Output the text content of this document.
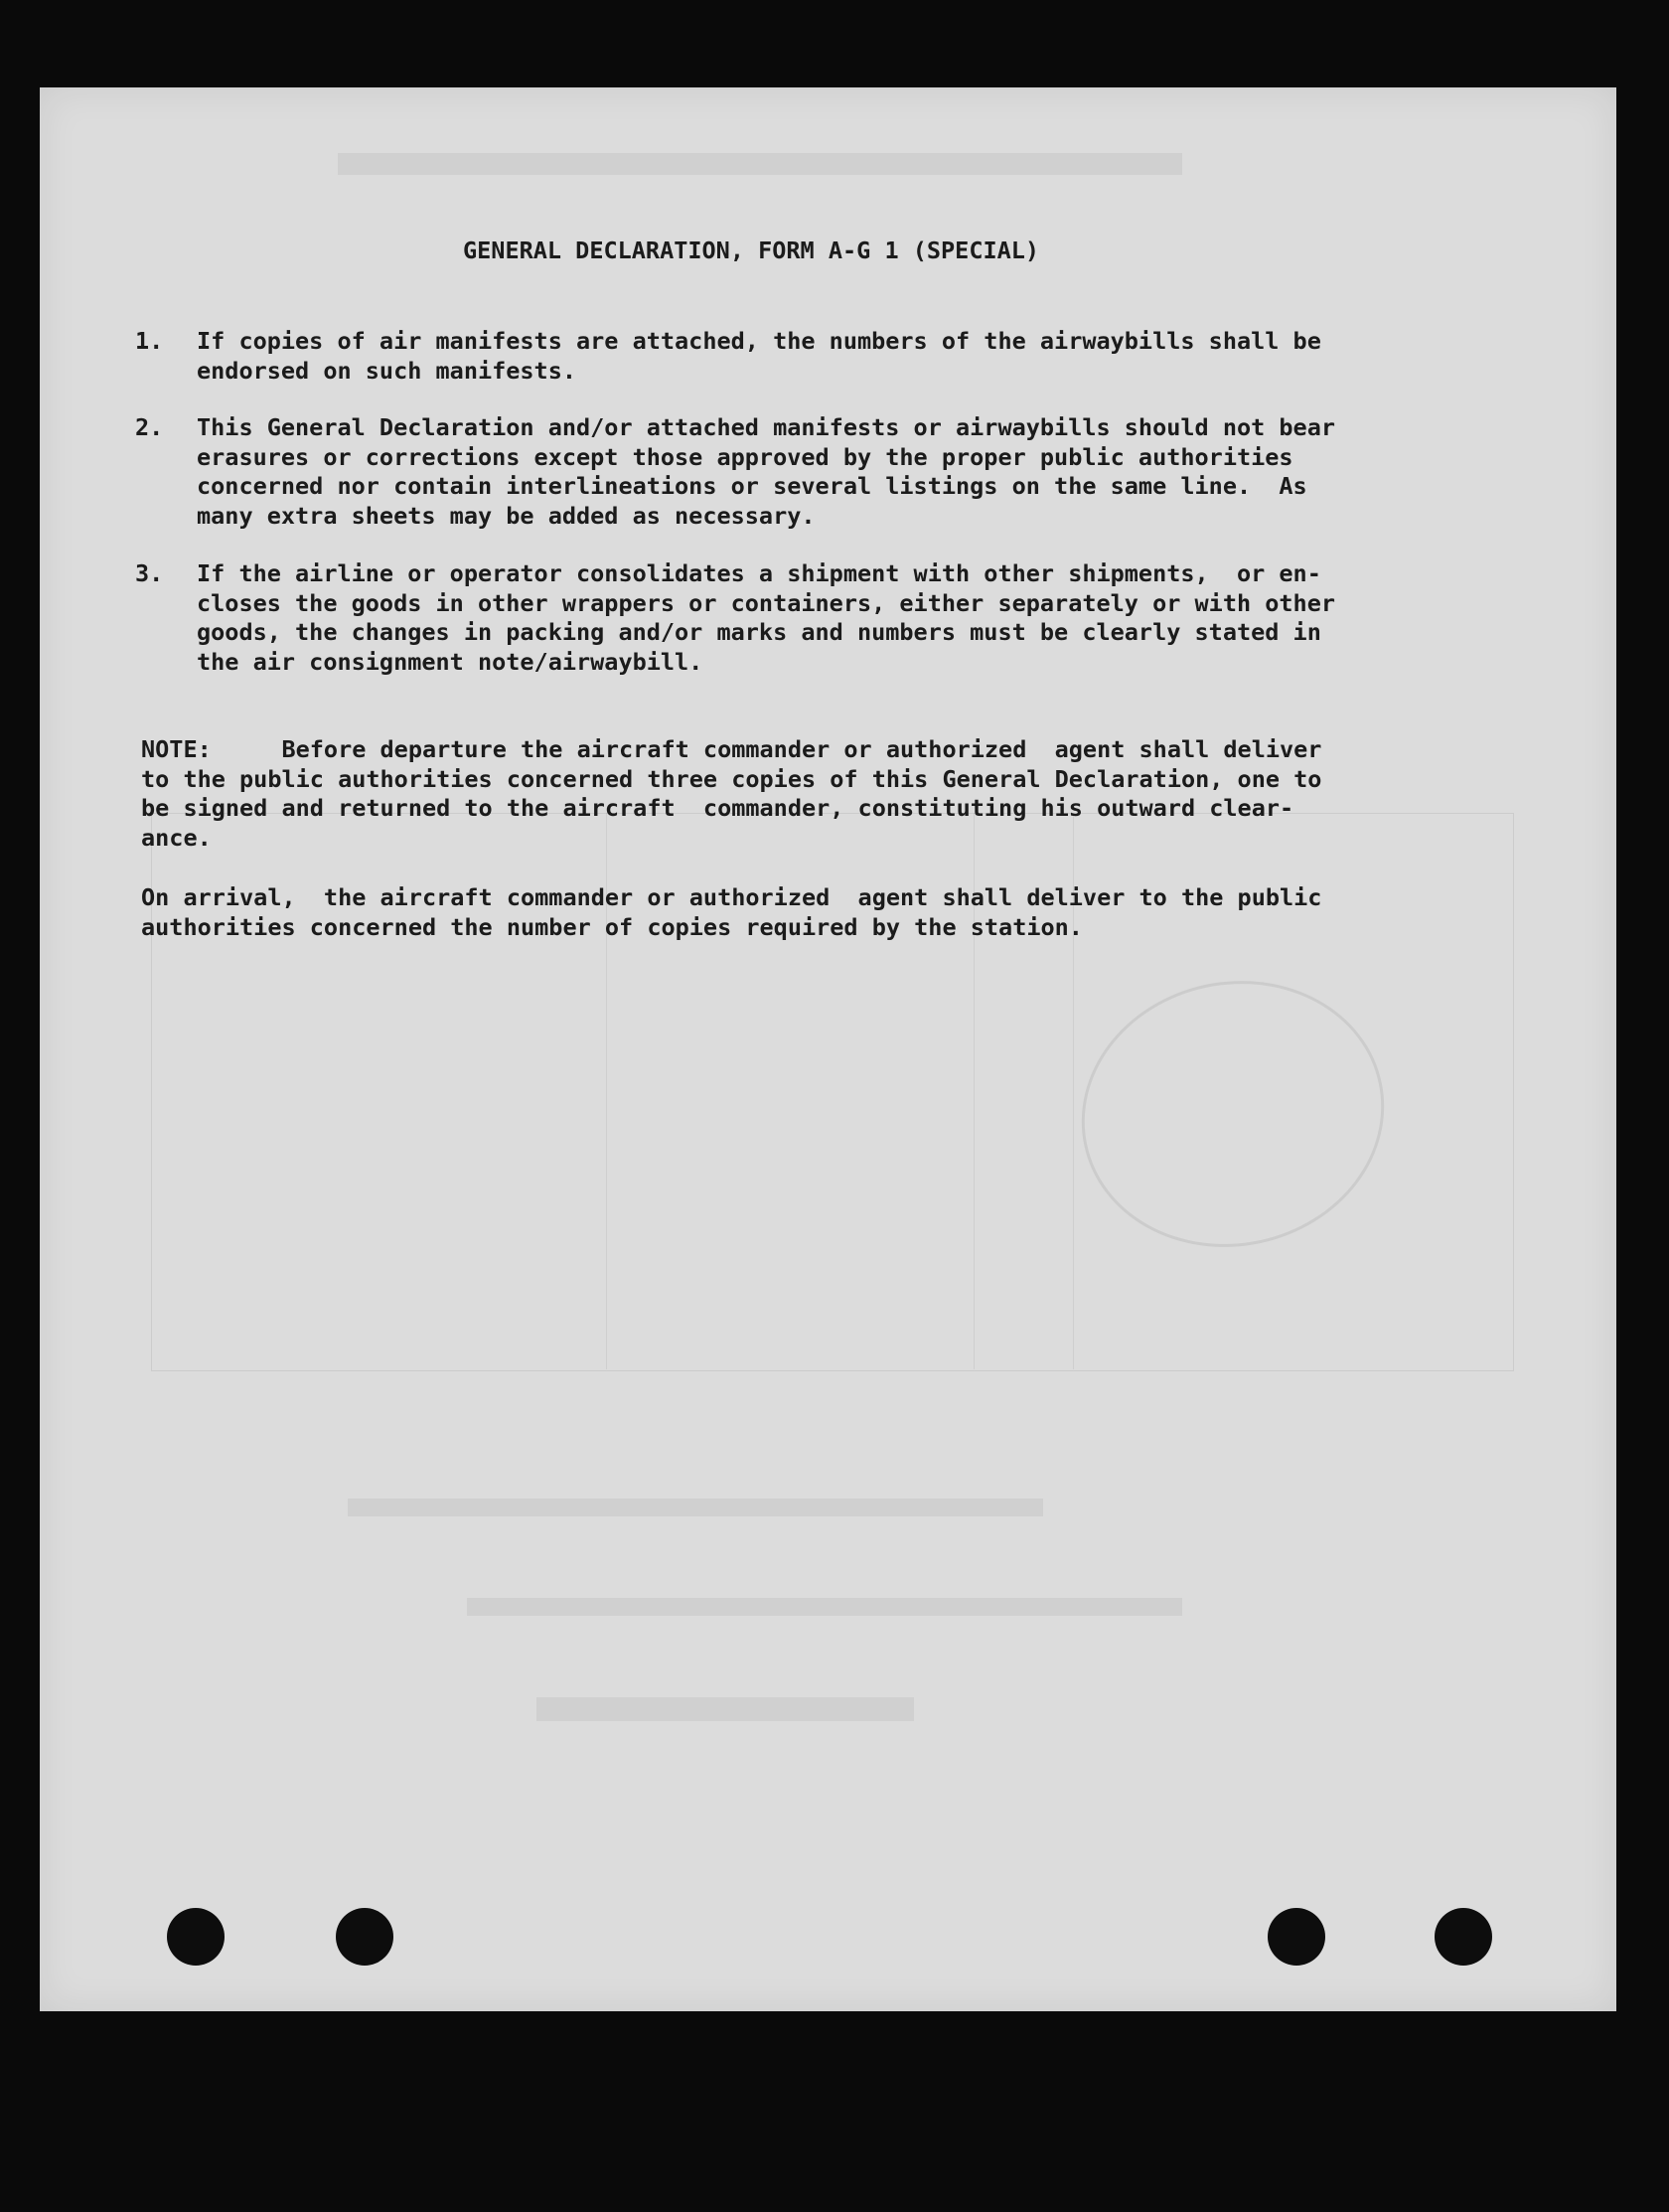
GENERAL DECLARATION, FORM A-G 1 (SPECIAL)
1. If copies of air manifests are attached, the numbers of the airwaybills shall be
endorsed on such manifests.
2. This General Declaration and/or attached manifests or airwaybills should not bear
erasures or corrections except those approved by the proper public authorities
concerned nor contain interlineations or several listings on the same line.  As
many extra sheets may be added as necessary.
3. If the airline or operator consolidates a shipment with other shipments,  or en-
closes the goods in other wrappers or containers, either separately or with other
goods, the changes in packing and/or marks and numbers must be clearly stated in
the air consignment note/airwaybill.
NOTE:     Before departure the aircraft commander or authorized  agent shall deliver
to the public authorities concerned three copies of this General Declaration, one to
be signed and returned to the aircraft  commander, constituting his outward clear-
ance.
On arrival,  the aircraft commander or authorized  agent shall deliver to the public
authorities concerned the number of copies required by the station.
